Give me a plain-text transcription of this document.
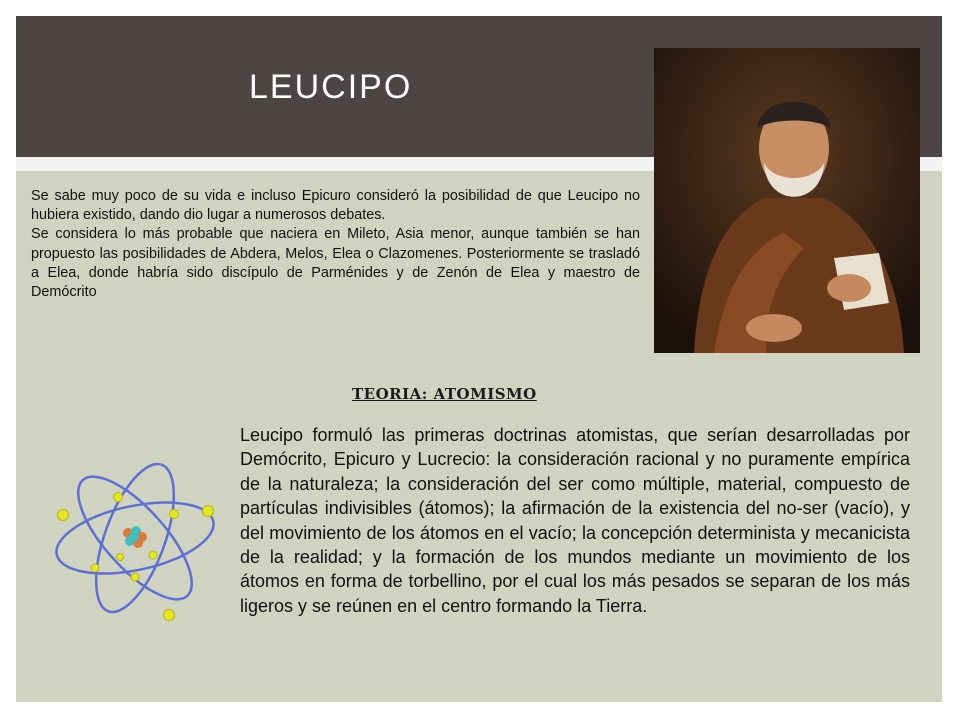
LEUCIPO

Se sabe muy poco de su vida e incluso Epicuro consideró la posibilidad de que Leucipo no hubiera existido, dando dio lugar a numerosos debates.

Se considera lo más probable que naciera en Mileto, Asia menor, aunque también se han propuesto las posibilidades de Abdera, Melos, Elea o Clazomenes. Posteriormente se trasladó a Elea, donde habría sido discípulo de Parménides y de Zenón de Elea y maestro de Demócrito

TEORIA: ATOMISMO

Leucipo formuló las primeras doctrinas atomistas, que serían desarrolladas por Demócrito, Epicuro y Lucrecio: la consideración racional y no puramente empírica de la naturaleza; la consideración del ser como múltiple, material, compuesto de partículas indivisibles (átomos); la afirmación de la existencia del no-ser (vacío), y del movimiento de los átomos en el vacío; la concepción determinista y mecanicista de la realidad; y la formación de los mundos mediante un movimiento de los átomos en forma de torbellino, por el cual los más pesados se separan de los más ligeros y se reúnen en el centro formando la Tierra.
